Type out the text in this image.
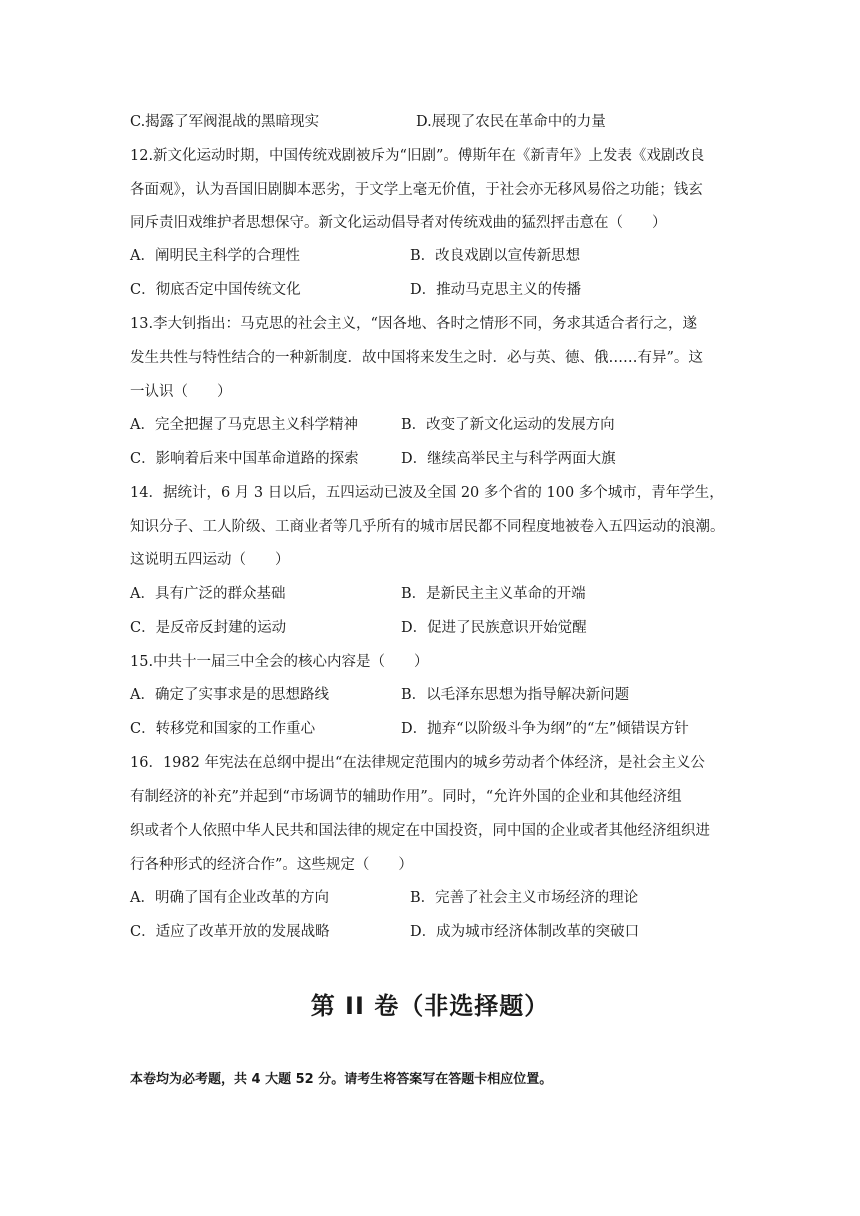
C.揭露了军阀混战的黑暗现实	D.展现了农民在革命中的力量
12.新文化运动时期，中国传统戏剧被斥为“旧剧”。傅斯年在《新青年》上发表《戏剧改良
各面观》，认为吾国旧剧脚本恶劣，于文学上毫无价值，于社会亦无移风易俗之功能；钱玄
同斥责旧戏维护者思想保守。新文化运动倡导者对传统戏曲的猛烈抨击意在（　　）
A．阐明民主科学的合理性	B．改良戏剧以宣传新思想
C．彻底否定中国传统文化	D．推动马克思主义的传播
13.李大钊指出：马克思的社会主义，“因各地、各时之情形不同，务求其适合者行之，遂
发生共性与特性结合的一种新制度．故中国将来发生之时．必与英、德、俄……有异”。这
一认识（　　）
A．完全把握了马克思主义科学精神	B．改变了新文化运动的发展方向
C．影响着后来中国革命道路的探索	D．继续高举民主与科学两面大旗
14．据统计，6 月 3 日以后，五四运动已波及全国 20 多个省的 100 多个城市，青年学生，
知识分子、工人阶级、工商业者等几乎所有的城市居民都不同程度地被卷入五四运动的浪潮。
这说明五四运动（　　）
A．具有广泛的群众基础	B．是新民主主义革命的开端
C．是反帝反封建的运动	D．促进了民族意识开始觉醒
15.中共十一届三中全会的核心内容是（　　）
A．确定了实事求是的思想路线	B．以毛泽东思想为指导解决新问题
C．转移党和国家的工作重心	D．抛弃“以阶级斗争为纲”的“左”倾错误方针
16．1982 年宪法在总纲中提出“在法律规定范围内的城乡劳动者个体经济，是社会主义公
有制经济的补充”并起到“市场调节的辅助作用”。同时，“允许外国的企业和其他经济组
织或者个人依照中华人民共和国法律的规定在中国投资，同中国的企业或者其他经济组织进
行各种形式的经济合作”。这些规定（　　）
A．明确了国有企业改革的方向	B．完善了社会主义市场经济的理论
C．适应了改革开放的发展战略	D．成为城市经济体制改革的突破口
第 II 卷（非选择题）
本卷均为必考题，共 4 大题 52 分。请考生将答案写在答题卡相应位置。
